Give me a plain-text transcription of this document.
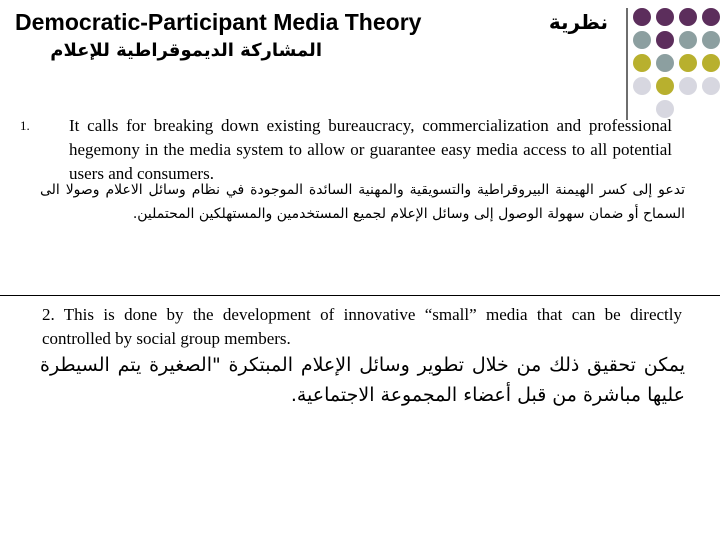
Democratic-Participant Media Theory	نظرية
المشاركة الديموقراطية للإعلام
1. It calls for breaking down existing bureaucracy, commercialization and professional hegemony in the media system to allow or guarantee easy media access to all potential users and consumers.
تدعو إلى كسر الهيمنة البيروقراطية والتسويقية والمهنية السائدة الموجودة في نظام وسائل الاعلام وصولا الى السماح أو ضمان سهولة الوصول إلى وسائل الإعلام لجميع المستخدمين والمستهلكين المحتملين.
2. This is done by the development of innovative “small” media that can be directly controlled by social group members.
يمكن تحقيق ذلك من خلال تطوير وسائل الإعلام المبتكرة "الصغيرة يتم السيطرة عليها مباشرة من قبل أعضاء المجموعة الاجتماعية.
